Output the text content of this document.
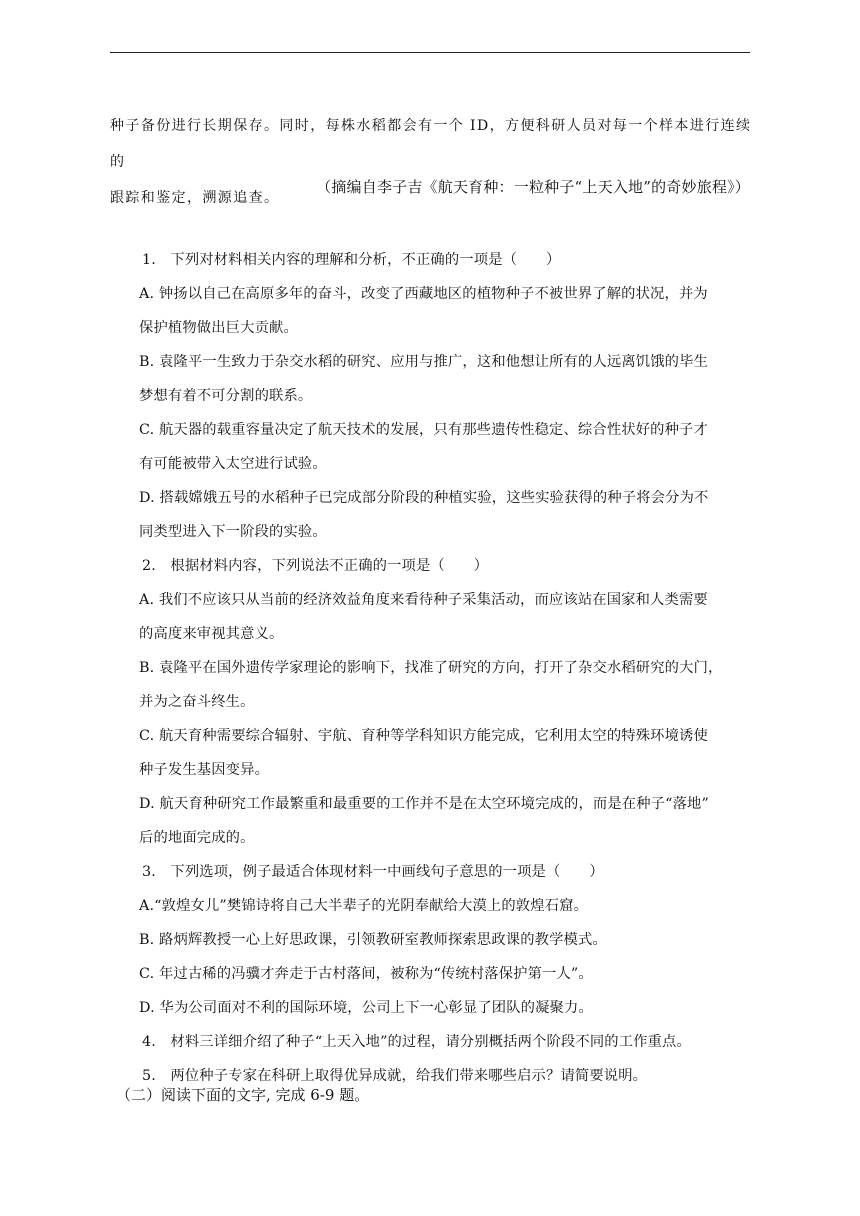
种子备份进行长期保存。同时，每株水稻都会有一个 ID，方便科研人员对每一个样本进行连续的
跟踪和鉴定，溯源追查。
（摘编自李子吉《航天育种：一粒种子“上天入地”的奇妙旅程》）
1.　下列对材料相关内容的理解和分析，不正确的一项是（　　）
A. 钟扬以自己在高原多年的奋斗，改变了西藏地区的植物种子不被世界了解的状况，并为
保护植物做出巨大贡献。
B. 袁隆平一生致力于杂交水稻的研究、应用与推广，这和他想让所有的人远离饥饿的毕生
梦想有着不可分割的联系。
C. 航天器的载重容量决定了航天技术的发展，只有那些遗传性稳定、综合性状好的种子才
有可能被带入太空进行试验。
D. 搭载嫦娥五号的水稻种子已完成部分阶段的种植实验，这些实验获得的种子将会分为不
同类型进入下一阶段的实验。
2.　根据材料内容，下列说法不正确的一项是（　　）
A. 我们不应该只从当前的经济效益角度来看待种子采集活动，而应该站在国家和人类需要
的高度来审视其意义。
B. 袁隆平在国外遗传学家理论的影响下，找准了研究的方向，打开了杂交水稻研究的大门，
并为之奋斗终生。
C. 航天育种需要综合辐射、宇航、育种等学科知识方能完成，它利用太空的特殊环境诱使
种子发生基因变异。
D. 航天育种研究工作最繁重和最重要的工作并不是在太空环境完成的，而是在种子“落地”
后的地面完成的。
3.　下列选项，例子最适合体现材料一中画线句子意思的一项是（　　）
A.“敦煌女儿”樊锦诗将自己大半辈子的光阴奉献给大漠上的敦煌石窟。
B. 路炳辉教授一心上好思政课，引领教研室教师探索思政课的教学模式。
C. 年过古稀的冯骥才奔走于古村落间，被称为“传统村落保护第一人”。
D. 华为公司面对不利的国际环境，公司上下一心彰显了团队的凝聚力。
4.　材料三详细介绍了种子“上天入地”的过程，请分别概括两个阶段不同的工作重点。
5.　两位种子专家在科研上取得优异成就，给我们带来哪些启示？请简要说明。
（二）阅读下面的文字, 完成 6-9 题。
